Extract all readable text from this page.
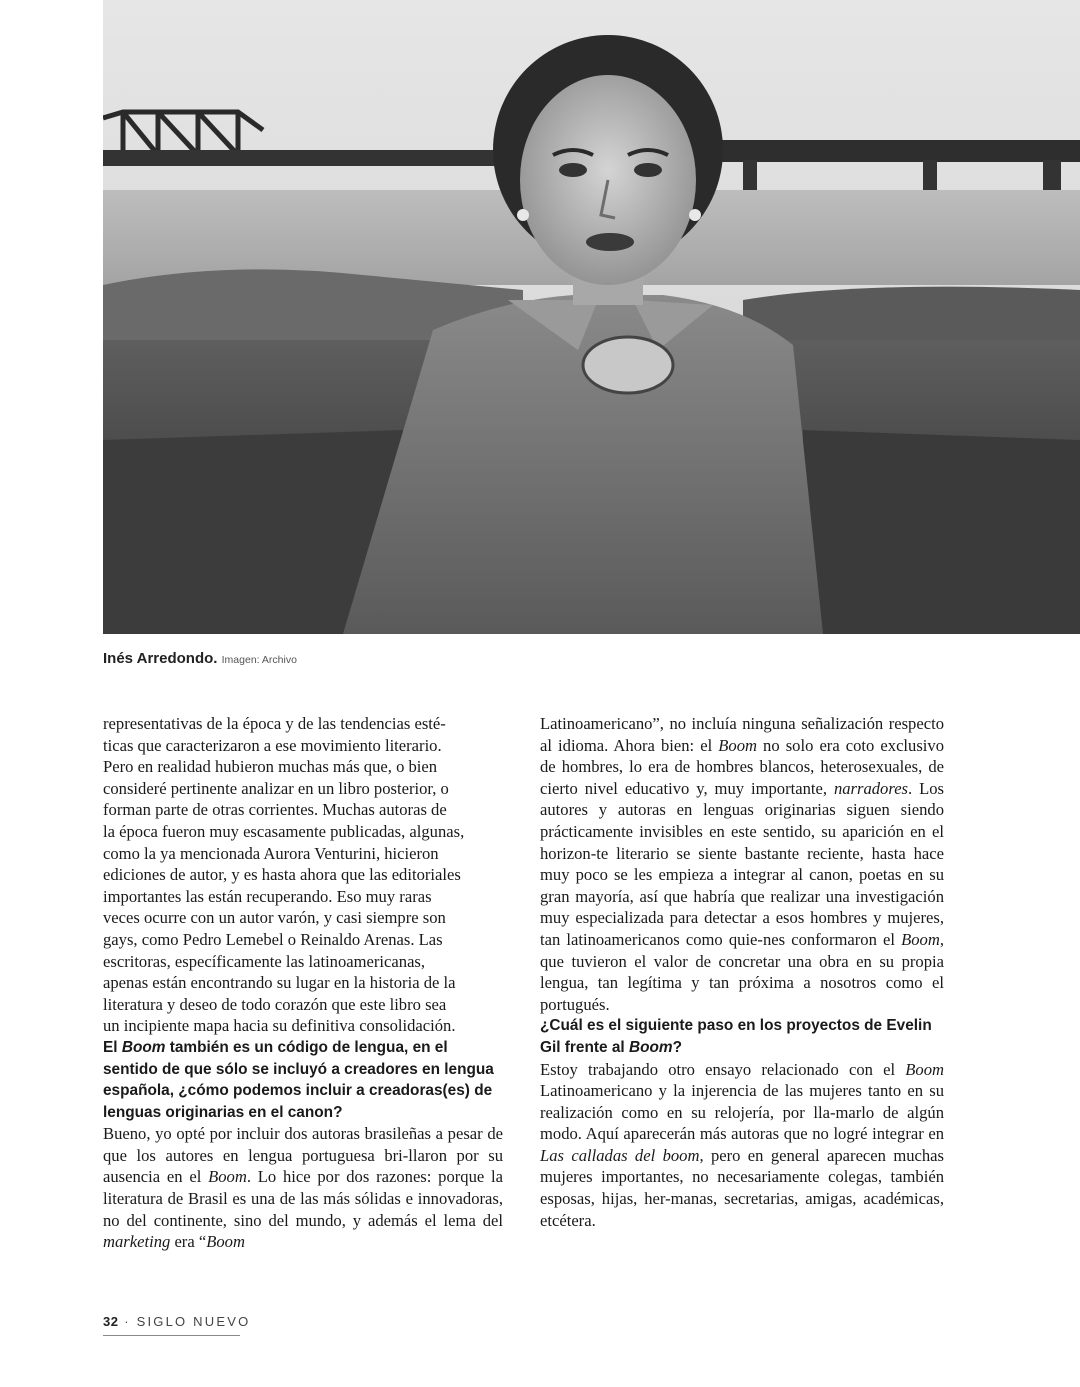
Inés Arredondo. Imagen: Archivo

representativas de la época y de las tendencias esté-
ticas que caracterizaron a ese movimiento literario.
Pero en realidad hubieron muchas más que, o bien
consideré pertinente analizar en un libro posterior, o
forman parte de otras corrientes. Muchas autoras de
la época fueron muy escasamente publicadas, algunas,
como la ya mencionada Aurora Venturini, hicieron
ediciones de autor, y es hasta ahora que las editoriales
importantes las están recuperando. Eso muy raras
veces ocurre con un autor varón, y casi siempre son
gays, como Pedro Lemebel o Reinaldo Arenas. Las
escritoras, específicamente las latinoamericanas,
apenas están encontrando su lugar en la historia de la
literatura y deseo de todo corazón que este libro sea
un incipiente mapa hacia su definitiva consolidación.

El Boom también es un código de lengua, en el sentido de que sólo se incluyó a creadores en lengua española, ¿cómo podemos incluir a creadoras(es) de lenguas originarias en el canon?

Bueno, yo opté por incluir dos autoras brasileñas a pesar de que los autores en lengua portuguesa bri-llaron por su ausencia en el Boom. Lo hice por dos razones: porque la literatura de Brasil es una de las más sólidas e innovadoras, no del continente, sino del mundo, y además el lema del marketing era “Boom

Latinoamericano”, no incluía ninguna señalización respecto al idioma. Ahora bien: el Boom no solo era coto exclusivo de hombres, lo era de hombres blancos, heterosexuales, de cierto nivel educativo y, muy importante, narradores. Los autores y autoras en lenguas originarias siguen siendo prácticamente invisibles en este sentido, su aparición en el horizon-te literario se siente bastante reciente, hasta hace muy poco se les empieza a integrar al canon, poetas en su gran mayoría, así que habría que realizar una investigación muy especializada para detectar a esos hombres y mujeres, tan latinoamericanos como quie-nes conformaron el Boom, que tuvieron el valor de concretar una obra en su propia lengua, tan legítima y tan próxima a nosotros como el portugués.

¿Cuál es el siguiente paso en los proyectos de Evelin Gil frente al Boom?

Estoy trabajando otro ensayo relacionado con el Boom Latinoamericano y la injerencia de las mujeres tanto en su realización como en su relojería, por lla-marlo de algún modo. Aquí aparecerán más autoras que no logré integrar en Las calladas del boom, pero en general aparecen muchas mujeres importantes, no necesariamente colegas, también esposas, hijas, her-manas, secretarias, amigas, académicas, etcétera.

32 · SIGLO NUEVO
